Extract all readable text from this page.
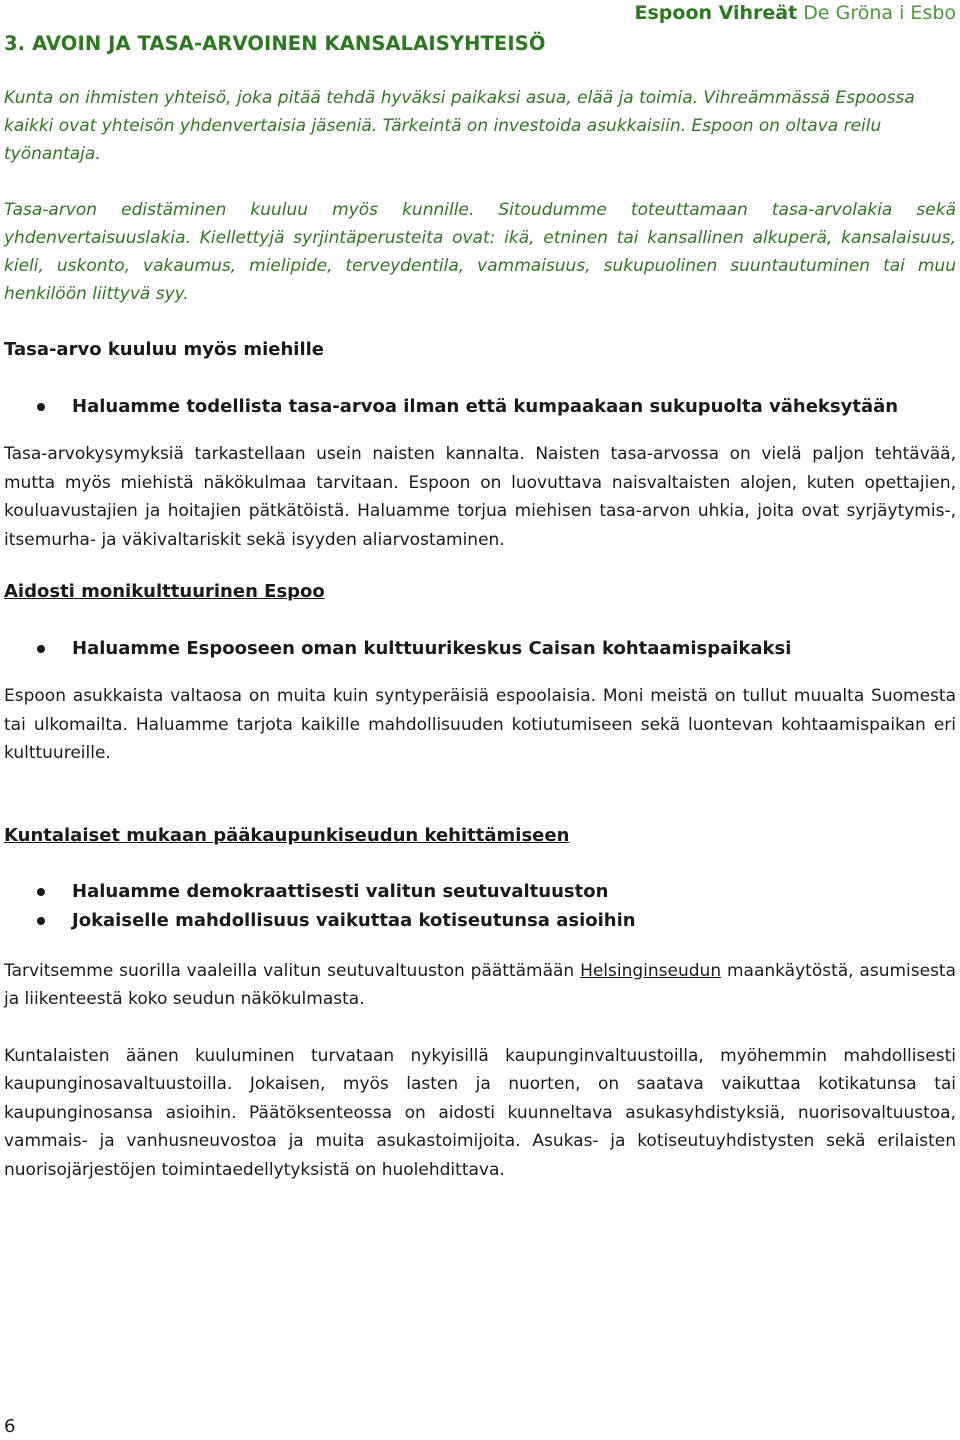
Espoon Vihreät De Gröna i Esbo
3. AVOIN JA TASA-ARVOINEN KANSALAISYHTEISÖ

Kunta on ihmisten yhteisö, joka pitää tehdä hyväksi paikaksi asua, elää ja toimia. Vihreämmässä Espoossa kaikki ovat yhteisön yhdenvertaisia jäseniä. Tärkeintä on investoida asukkaisiin. Espoon on oltava reilu työnantaja.

Tasa-arvon edistäminen kuuluu myös kunnille. Sitoudumme toteuttamaan tasa-arvolakia sekä yhdenvertaisuuslakia. Kiellettyjä syrjintäperusteita ovat: ikä, etninen tai kansallinen alkuperä, kansalaisuus, kieli, uskonto, vakaumus, mielipide, terveydentila, vammaisuus, sukupuolinen suuntautuminen tai muu henkilöön liittyvä syy.

Tasa-arvo kuuluu myös miehille
Haluamme todellista tasa-arvoa ilman että kumpaakaan sukupuolta väheksytään

Tasa-arvokysymyksiä tarkastellaan usein naisten kannalta. Naisten tasa-arvossa on vielä paljon tehtävää, mutta myös miehistä näkökulmaa tarvitaan. Espoon on luovuttava naisvaltaisten alojen, kuten opettajien, kouluavustajien ja hoitajien pätkätöistä. Haluamme torjua miehisen tasa-arvon uhkia, joita ovat syrjäytymis-, itsemurha- ja väkivaltariskit sekä isyyden aliarvostaminen.

Aidosti monikulttuurinen Espoo
Haluamme Espooseen oman kulttuurikeskus Caisan kohtaamispaikaksi

Espoon asukkaista valtaosa on muita kuin syntyperäisiä espoolaisia. Moni meistä on tullut muualta Suomesta tai ulkomailta. Haluamme tarjota kaikille mahdollisuuden kotiutumiseen sekä luontevan kohtaamispaikan eri kulttuureille.

Kuntalaiset mukaan pääkaupunkiseudun kehittämiseen
Haluamme demokraattisesti valitun seutuvaltuuston
Jokaiselle mahdollisuus vaikuttaa kotiseutunsa asioihin

Tarvitsemme suorilla vaaleilla valitun seutuvaltuuston päättämään Helsinginseudun maankäytöstä, asumisesta ja liikenteestä koko seudun näkökulmasta.

Kuntalaisten äänen kuuluminen turvataan nykyisillä kaupunginvaltuustoilla, myöhemmin mahdollisesti kaupunginosavaltuustoilla. Jokaisen, myös lasten ja nuorten, on saatava vaikuttaa kotikatunsa tai kaupunginosansa asioihin. Päätöksenteossa on aidosti kuunneltava asukasyhdistyksiä, nuorisovaltuustoa, vammais- ja vanhusneuvostoa ja muita asukastoimijoita. Asukas- ja kotiseutuyhdistysten sekä erilaisten nuorisojärjestöjen toimintaedellytyksistä on huolehdittava.

6
